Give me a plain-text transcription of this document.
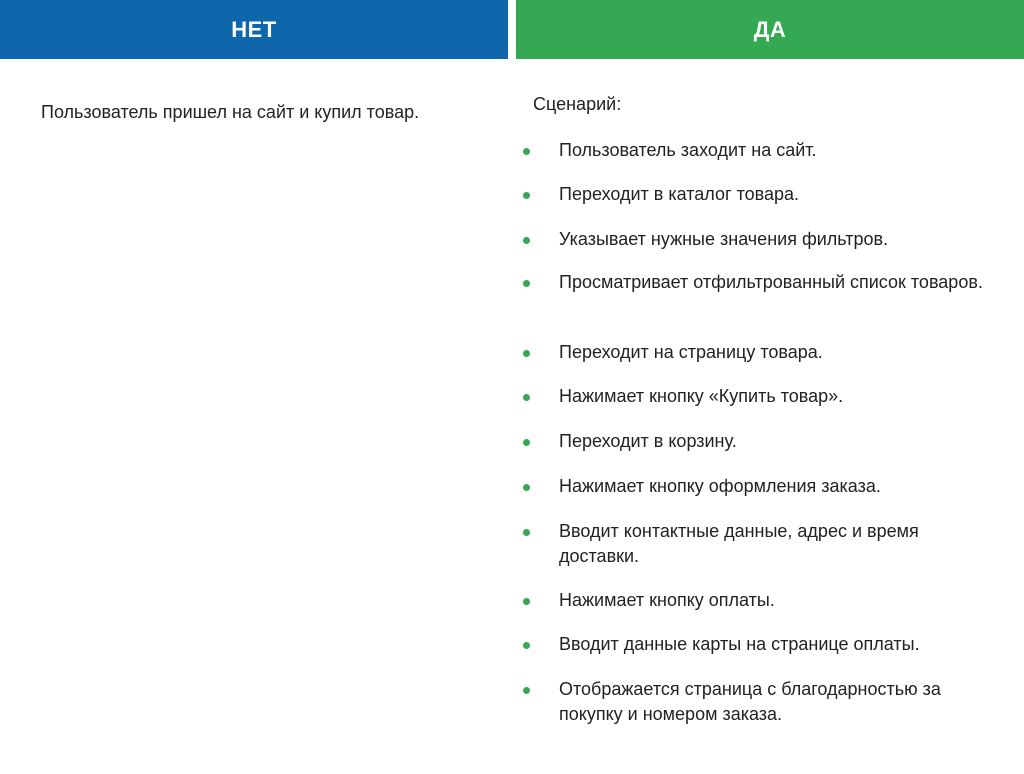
НЕТ	ДА

Пользователь пришел на сайт и купил товар.	Сценарий:

Пользователь заходит на сайт.
Переходит в каталог товара.
Указывает нужные значения фильтров.
Просматривает отфильтрованный список товаров.
Переходит на страницу товара.
Нажимает кнопку «Купить товар».
Переходит в корзину.
Нажимает кнопку оформления заказа.
Вводит контактные данные, адрес и время доставки.
Нажимает кнопку оплаты.
Вводит данные карты на странице оплаты.
Отображается страница с благодарностью за покупку и номером заказа.
